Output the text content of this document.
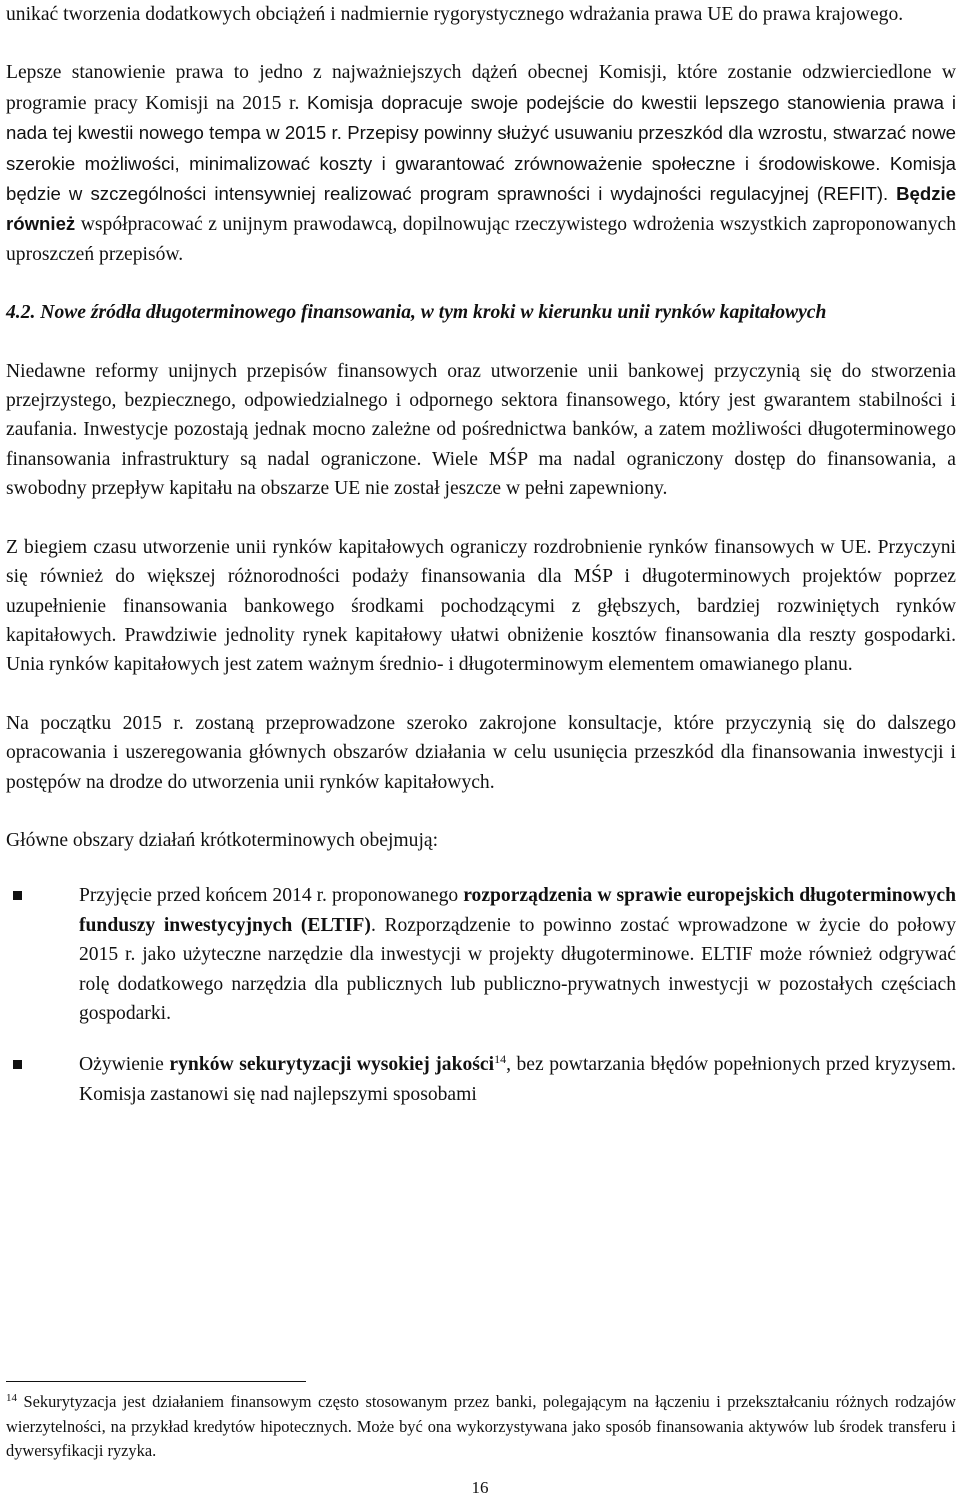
unikać tworzenia dodatkowych obciążeń i nadmiernie rygorystycznego wdrażania prawa UE do prawa krajowego.

Lepsze stanowienie prawa to jedno z najważniejszych dążeń obecnej Komisji, które zostanie odzwierciedlone w programie pracy Komisji na 2015 r. Komisja dopracuje swoje podejście do kwestii lepszego stanowienia prawa i nada tej kwestii nowego tempa w 2015 r. Przepisy powinny służyć usuwaniu przeszkód dla wzrostu, stwarzać nowe szerokie możliwości, minimalizować koszty i gwarantować zrównoważenie społeczne i środowiskowe. Komisja będzie w szczególności intensywniej realizować program sprawności i wydajności regulacyjnej (REFIT). Będzie również współpracować z unijnym prawodawcą, dopilnowując rzeczywistego wdrożenia wszystkich zaproponowanych uproszczeń przepisów.

4.2. Nowe źródła długoterminowego finansowania, w tym kroki w kierunku unii rynków kapitałowych

Niedawne reformy unijnych przepisów finansowych oraz utworzenie unii bankowej przyczynią się do stworzenia przejrzystego, bezpiecznego, odpowiedzialnego i odpornego sektora finansowego, który jest gwarantem stabilności i zaufania. Inwestycje pozostają jednak mocno zależne od pośrednictwa banków, a zatem możliwości długoterminowego finansowania infrastruktury są nadal ograniczone. Wiele MŚP ma nadal ograniczony dostęp do finansowania, a swobodny przepływ kapitału na obszarze UE nie został jeszcze w pełni zapewniony.

Z biegiem czasu utworzenie unii rynków kapitałowych ograniczy rozdrobnienie rynków finansowych w UE. Przyczyni się również do większej różnorodności podaży finansowania dla MŚP i długoterminowych projektów poprzez uzupełnienie finansowania bankowego środkami pochodzącymi z głębszych, bardziej rozwiniętych rynków kapitałowych. Prawdziwie jednolity rynek kapitałowy ułatwi obniżenie kosztów finansowania dla reszty gospodarki. Unia rynków kapitałowych jest zatem ważnym średnio- i długoterminowym elementem omawianego planu.

Na początku 2015 r. zostaną przeprowadzone szeroko zakrojone konsultacje, które przyczynią się do dalszego opracowania i uszeregowania głównych obszarów działania w celu usunięcia przeszkód dla finansowania inwestycji i postępów na drodze do utworzenia unii rynków kapitałowych.

Główne obszary działań krótkoterminowych obejmują:

Przyjęcie przed końcem 2014 r. proponowanego rozporządzenia w sprawie europejskich długoterminowych funduszy inwestycyjnych (ELTIF). Rozporządzenie to powinno zostać wprowadzone w życie do połowy 2015 r. jako użyteczne narzędzie dla inwestycji w projekty długoterminowe. ELTIF może również odgrywać rolę dodatkowego narzędzia dla publicznych lub publiczno-prywatnych inwestycji w pozostałych częściach gospodarki.
Ożywienie rynków sekurytyzacji wysokiej jakości$^{14}$, bez powtarzania błędów popełnionych przed kryzysem. Komisja zastanowi się nad najlepszymi sposobami

$^{14}$ Sekurytyzacja jest działaniem finansowym często stosowanym przez banki, polegającym na łączeniu i przekształcaniu różnych rodzajów wierzytelności, na przykład kredytów hipotecznych. Może być ona wykorzystywana jako sposób finansowania aktywów lub środek transferu i dywersyfikacji ryzyka.

16
